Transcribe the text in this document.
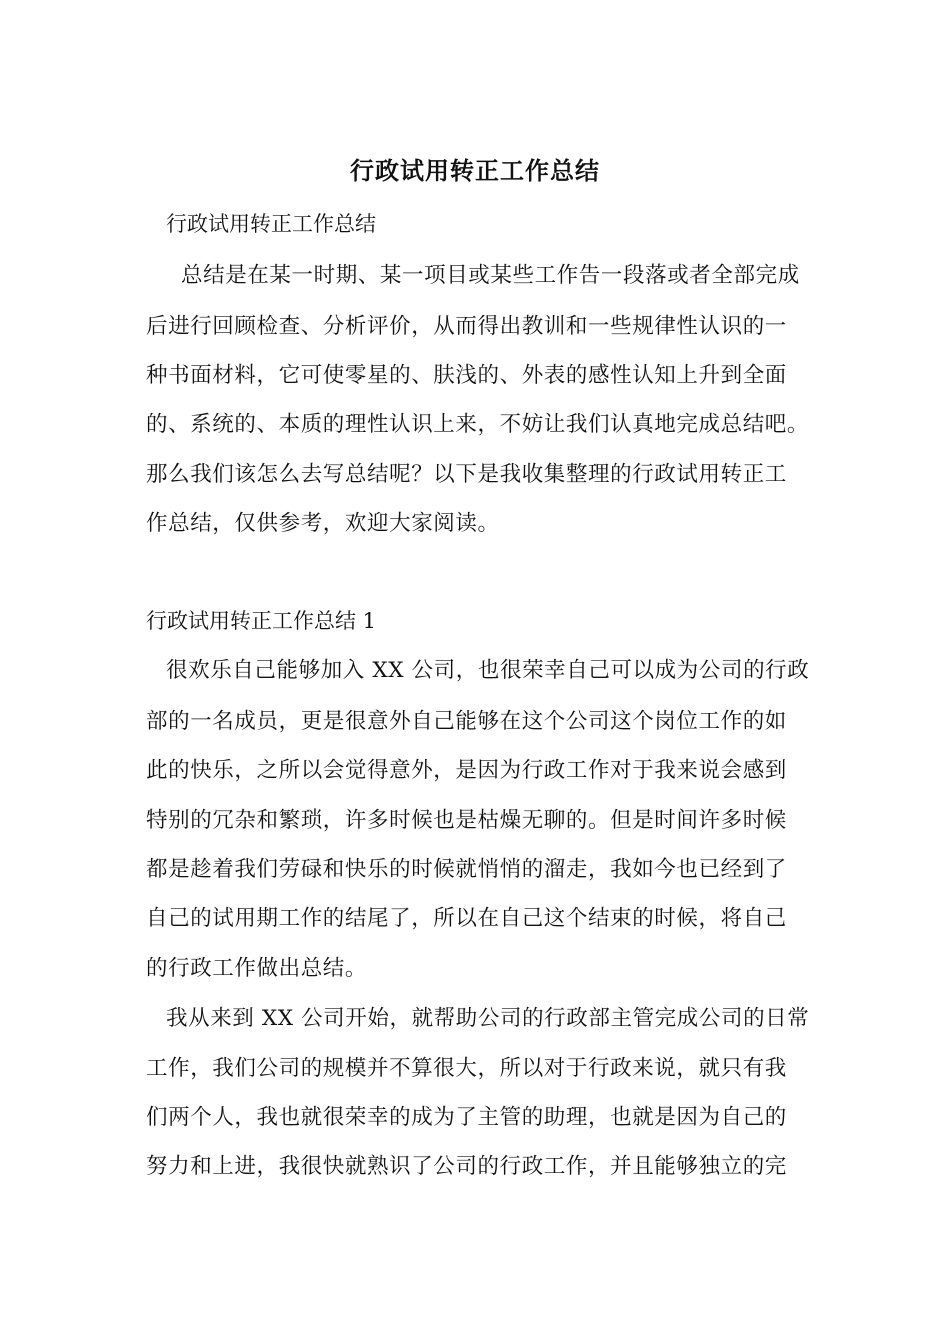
行政试用转正工作总结
行政试用转正工作总结
总结是在某一时期、某一项目或某些工作告一段落或者全部完成
后进行回顾检查、分析评价，从而得出教训和一些规律性认识的一
种书面材料，它可使零星的、肤浅的、外表的感性认知上升到全面
的、系统的、本质的理性认识上来，不妨让我们认真地完成总结吧。
那么我们该怎么去写总结呢？以下是我收集整理的行政试用转正工
作总结，仅供参考，欢迎大家阅读。
行政试用转正工作总结 1
很欢乐自己能够加入 XX 公司，也很荣幸自己可以成为公司的行政
部的一名成员，更是很意外自己能够在这个公司这个岗位工作的如
此的快乐，之所以会觉得意外，是因为行政工作对于我来说会感到
特别的冗杂和繁琐，许多时候也是枯燥无聊的。但是时间许多时候
都是趁着我们劳碌和快乐的时候就悄悄的溜走，我如今也已经到了
自己的试用期工作的结尾了，所以在自己这个结束的时候，将自己
的行政工作做出总结。
我从来到 XX 公司开始，就帮助公司的行政部主管完成公司的日常
工作，我们公司的规模并不算很大，所以对于行政来说，就只有我
们两个人，我也就很荣幸的成为了主管的助理，也就是因为自己的
努力和上进，我很快就熟识了公司的行政工作，并且能够独立的完
